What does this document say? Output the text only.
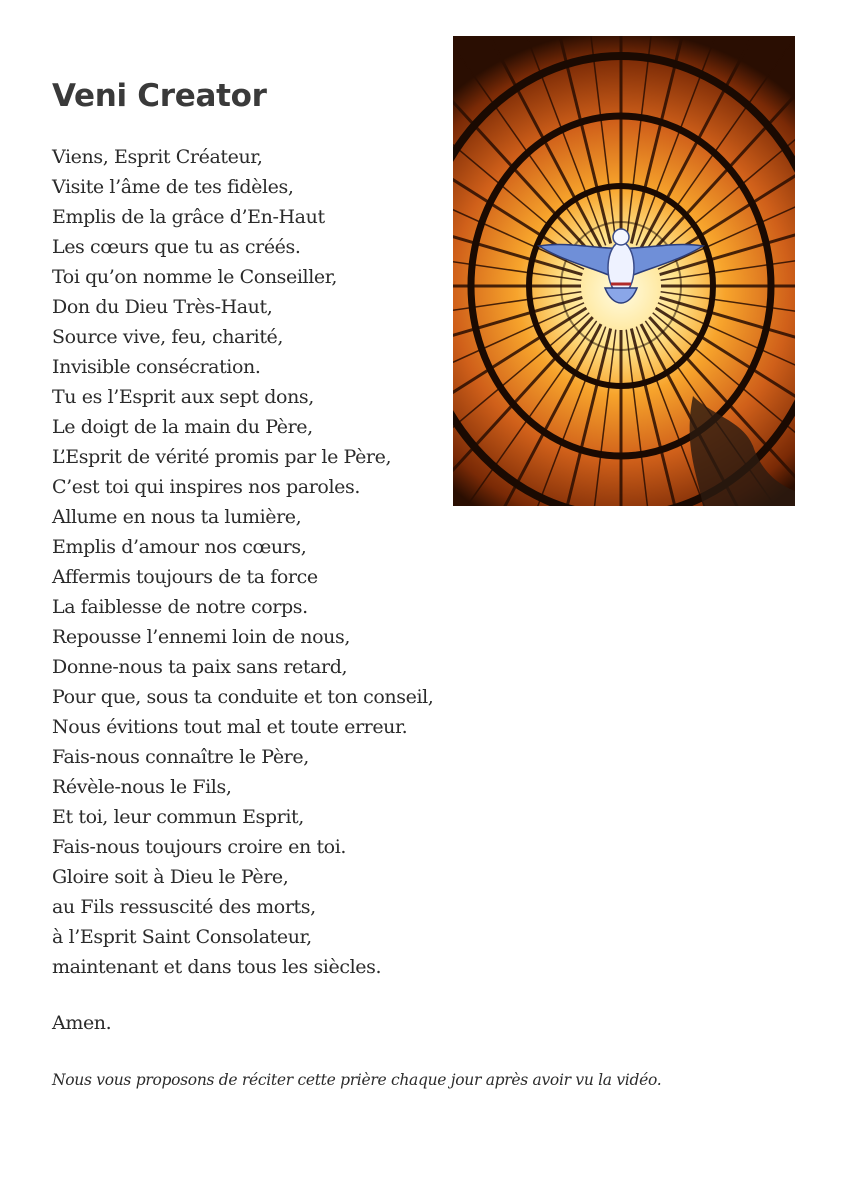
Veni Creator
Viens, Esprit Créateur,
Visite l’âme de tes fidèles,
Emplis de la grâce d’En-Haut
Les cœurs que tu as créés.
Toi qu’on nomme le Conseiller,
Don du Dieu Très-Haut,
Source vive, feu, charité,
Invisible consécration.
Tu es l’Esprit aux sept dons,
Le doigt de la main du Père,
L’Esprit de vérité promis par le Père,
C’est toi qui inspires nos paroles.
Allume en nous ta lumière,
Emplis d’amour nos cœurs,
Affermis toujours de ta force
La faiblesse de notre corps.
Repousse l’ennemi loin de nous,
Donne-nous ta paix sans retard,
Pour que, sous ta conduite et ton conseil,
Nous évitions tout mal et toute erreur.
Fais-nous connaître le Père,
Révèle-nous le Fils,
Et toi, leur commun Esprit,
Fais-nous toujours croire en toi.
Gloire soit à Dieu le Père,
au Fils ressuscité des morts,
à l’Esprit Saint Consolateur,
maintenant et dans tous les siècles.
Amen.
Nous vous proposons de réciter cette prière chaque jour après avoir vu la vidéo.
